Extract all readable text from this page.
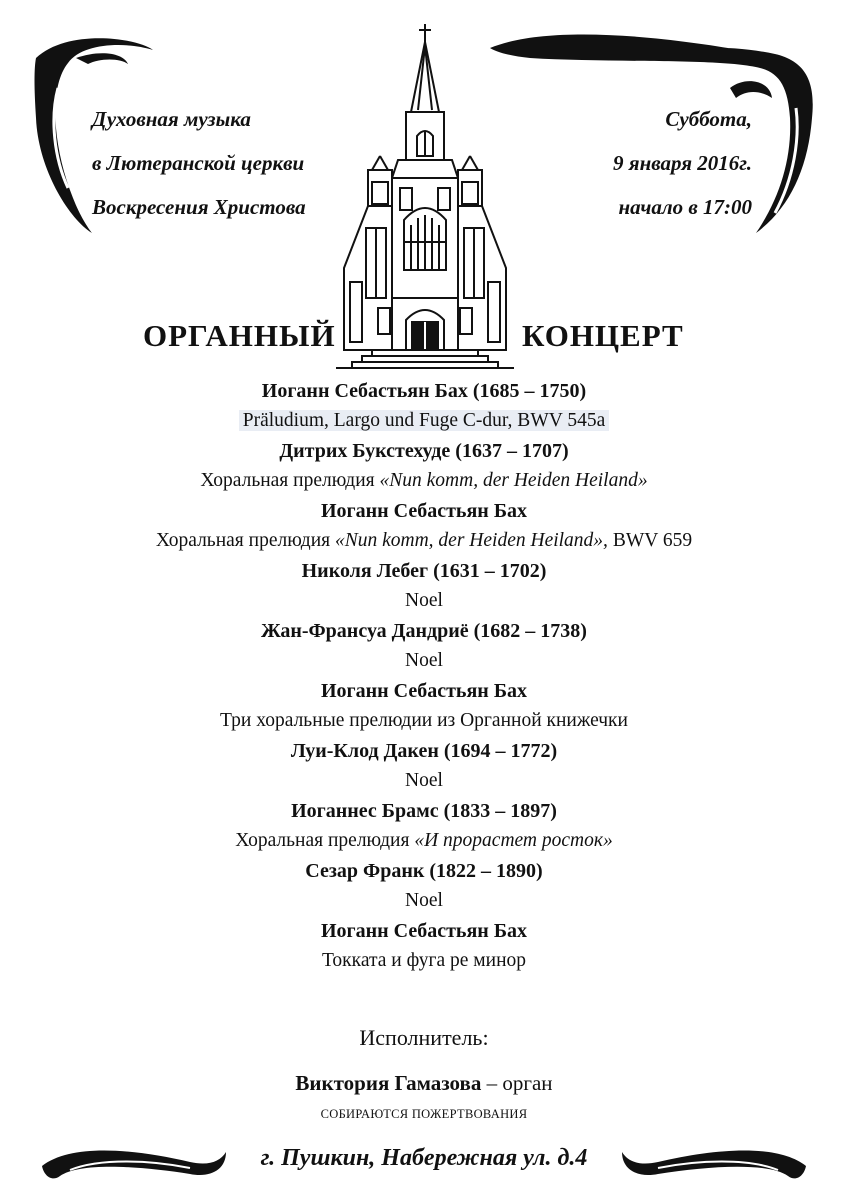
Духовная музыка
в Лютеранской церкви
Воскресения Христова
Суббота,
9 января 2016г.
начало в 17:00
ОРГАННЫЙ	КОНЦЕРТ
Иоганн Себастьян Бах (1685 – 1750)
Präludium, Largo und Fuge C-dur, BWV 545a
Дитрих Букстехуде (1637 – 1707)
Хоральная прелюдия «Nun komm, der Heiden Heiland»
Иоганн Себастьян Бах
Хоральная прелюдия «Nun komm, der Heiden Heiland», BWV 659
Николя Лебег (1631 – 1702)
Noel
Жан-Франсуа Дандриё (1682 – 1738)
Noel
Иоганн Себастьян Бах
Три хоральные прелюдии из Органной книжечки
Луи-Клод Дакен (1694 – 1772)
Noel
Иоганнес Брамс (1833 – 1897)
Хоральная прелюдия «И прорастет росток»
Сезар Франк (1822 – 1890)
Noel
Иоганн Себастьян Бах
Токката и фуга ре минор
Исполнитель:
Виктория Гамазова – орган
СОБИРАЮТСЯ ПОЖЕРТВОВАНИЯ
г. Пушкин, Набережная ул. д.4
